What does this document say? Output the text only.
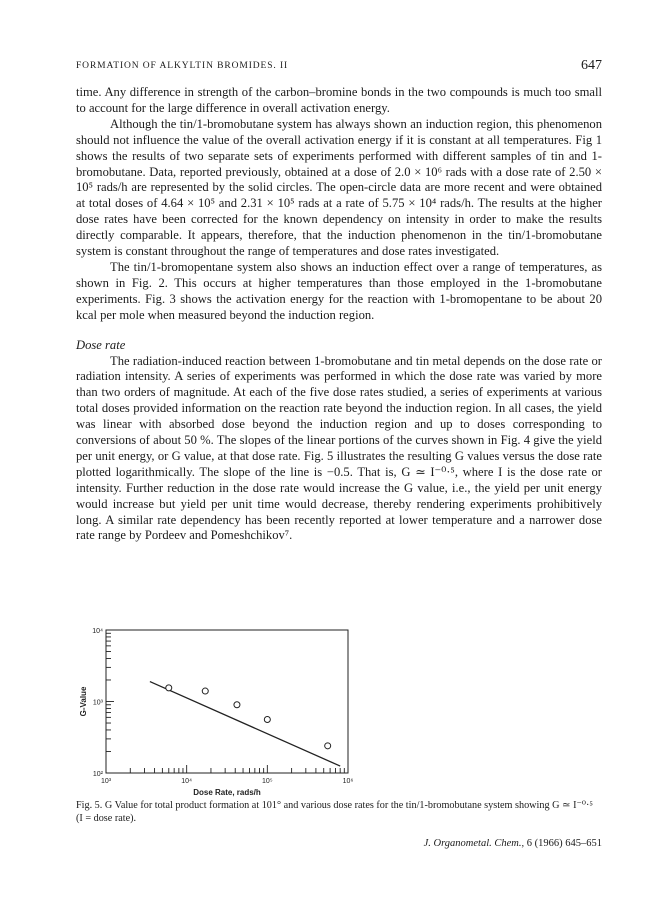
FORMATION OF ALKYLTIN BROMIDES. II	647

time. Any difference in strength of the carbon–bromine bonds in the two compounds is much too small to account for the large difference in overall activation energy.

Although the tin/1-bromobutane system has always shown an induction region, this phenomenon should not influence the value of the overall activation energy if it is constant at all temperatures. Fig 1 shows the results of two separate sets of experiments performed with different samples of tin and 1-bromobutane. Data, reported previously, obtained at a dose of 2.0 × 10⁶ rads with a dose rate of 2.50 × 10⁵ rads/h are represented by the solid circles. The open-circle data are more recent and were obtained at total doses of 4.64 × 10⁵ and 2.31 × 10⁵ rads at a rate of 5.75 × 10⁴ rads/h. The results at the higher dose rates have been corrected for the known dependency on intensity in order to make the results directly comparable. It appears, therefore, that the induction phenomenon in the tin/1-bromobutane system is constant throughout the range of temperatures and dose rates investigated.

The tin/1-bromopentane system also shows an induction effect over a range of temperatures, as shown in Fig. 2. This occurs at higher temperatures than those employed in the 1-bromobutane experiments. Fig. 3 shows the activation energy for the reaction with 1-bromopentane to be about 20 kcal per mole when measured beyond the induction region.

Dose rate

The radiation-induced reaction between 1-bromobutane and tin metal depends on the dose rate or radiation intensity. A series of experiments was performed in which the dose rate was varied by more than two orders of magnitude. At each of the five dose rates studied, a series of experiments at various total doses provided information on the reaction rate beyond the induction region. In all cases, the yield was linear with absorbed dose beyond the induction region and up to doses corresponding to conversions of about 50 %. The slopes of the linear portions of the curves shown in Fig. 4 give the yield per unit energy, or G value, at that dose rate. Fig. 5 illustrates the resulting G values versus the dose rate plotted logarithmically. The slope of the line is −0.5. That is, G ≃ I⁻⁰·⁵, where I is the dose rate or intensity. Further reduction in the dose rate would increase the G value, i.e., the yield per unit energy would increase but yield per unit time would decrease, thereby rendering experiments prohibitively long. A similar rate dependency has been recently reported at lower temperature and a narrower dose rate range by Pordeev and Pomeshchikov⁷.

10³	10⁴	10⁵	10⁶
10²
10³
10⁴
Dose Rate, rads/h
G-Value
Fig. 5. G Value for total product formation at 101° and various dose rates for the tin/1-bromobutane system showing G ≃ I⁻⁰·⁵ (I = dose rate).
J. Organometal. Chem., 6 (1966) 645–651
